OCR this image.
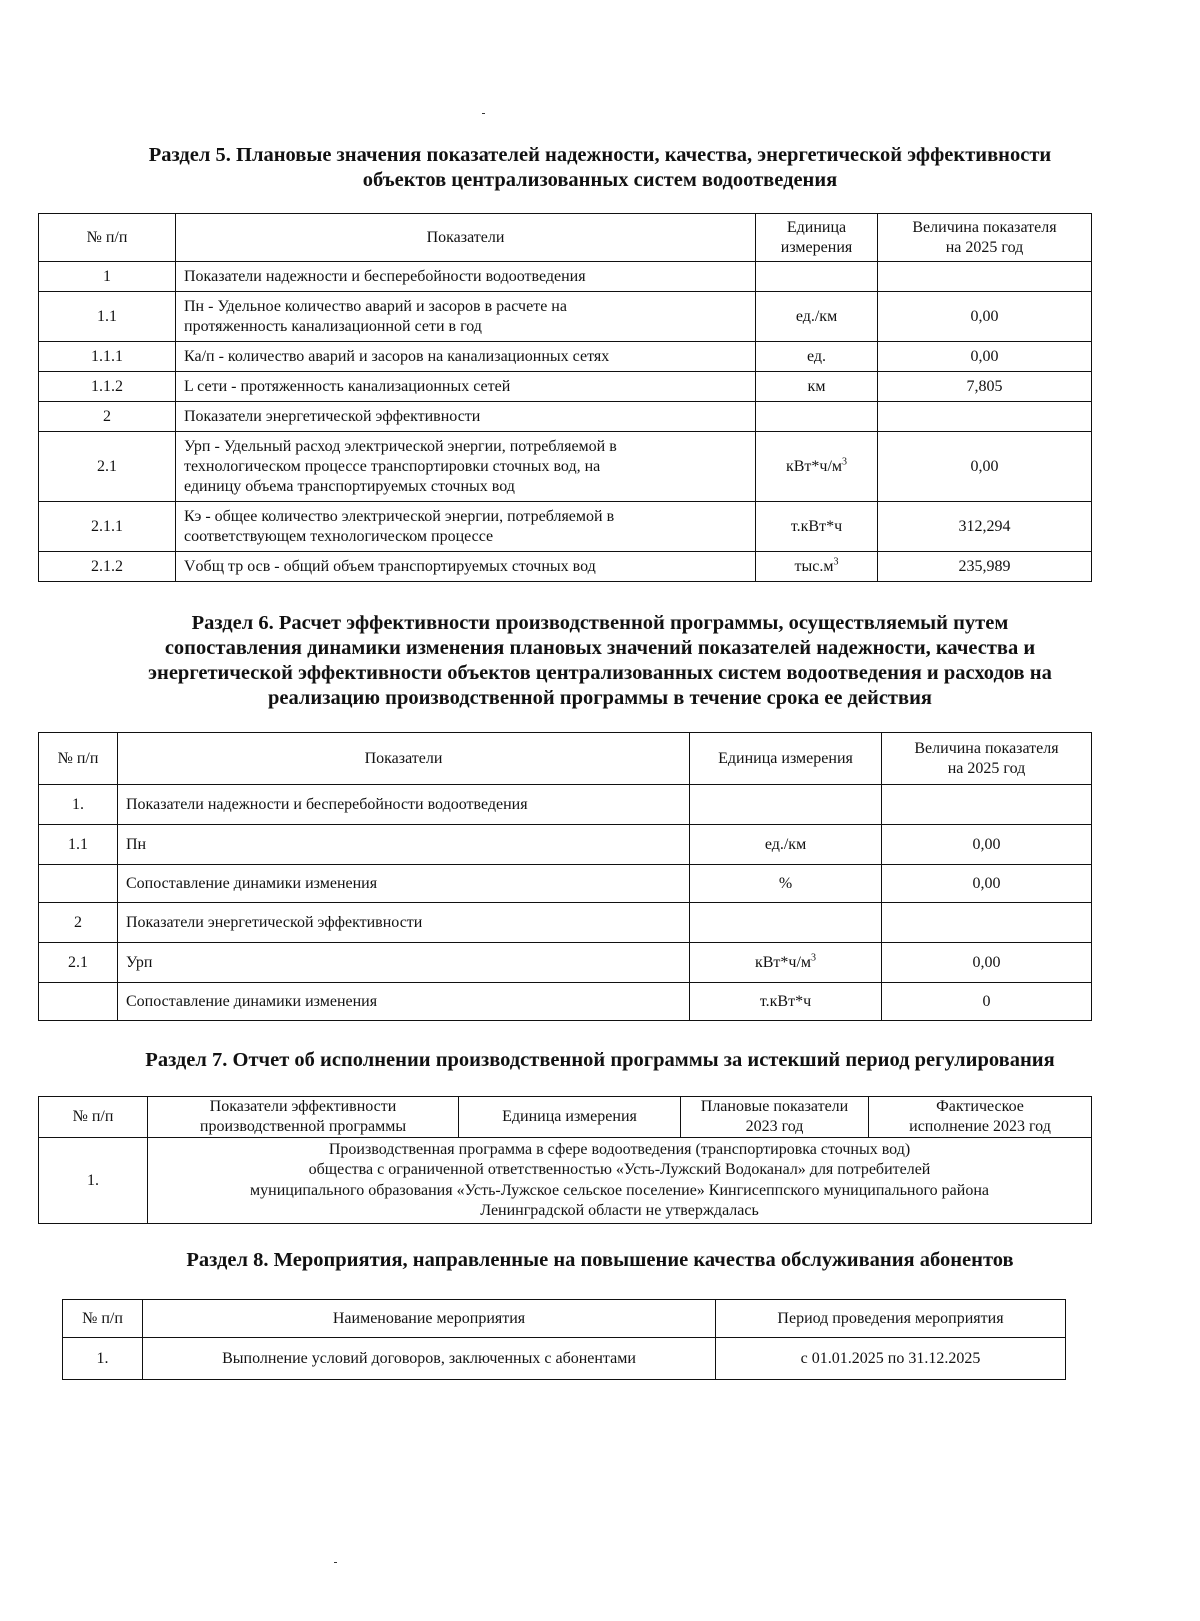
Раздел 5. Плановые значения показателей надежности, качества, энергетической эффективности
объектов централизованных систем водоотведения
№ п/п	Показатели	Единица
измерения	Величина показателя
на 2025 год
1	Показатели надежности и бесперебойности водоотведения		
1.1	Пн - Удельное количество аварий и засоров в расчете на
протяженность канализационной сети в год	ед./км	0,00
1.1.1	Ка/п - количество аварий и засоров на канализационных сетях	ед.	0,00
1.1.2	L сети - протяженность канализационных сетей	км	7,805
2	Показатели энергетической эффективности		
2.1	Урп - Удельный расход электрической энергии, потребляемой в
технологическом процессе транспортировки сточных вод, на
единицу объема транспортируемых сточных вод	$кВт*ч/м^3$	0,00
2.1.1	Кэ - общее количество электрической энергии, потребляемой в
соответствующем технологическом процессе	т.кВт*ч	312,294
2.1.2	Vобщ тр осв - общий объем транспортируемых сточных вод	$тыс.м^3$	235,989
Раздел 6. Расчет эффективности производственной программы, осуществляемый путем
сопоставления динамики изменения плановых значений показателей надежности, качества и
энергетической эффективности объектов централизованных систем водоотведения и расходов на
реализацию производственной программы в течение срока ее действия
№ п/п	Показатели	Единица измерения	Величина показателя
на 2025 год
1.	Показатели надежности и бесперебойности водоотведения		
1.1	Пн	ед./км	0,00
	Сопоставление динамики изменения	%	0,00
2	Показатели энергетической эффективности		
2.1	Урп	$кВт*ч/м^3$	0,00
	Сопоставление динамики изменения	т.кВт*ч	0
Раздел 7. Отчет об исполнении производственной программы за истекший период регулирования
№ п/п	Показатели эффективности
производственной программы	Единица измерения	Плановые показатели
2023 год	Фактическое
исполнение 2023 год
1.	Производственная программа в сфере водоотведения (транспортировка сточных вод)
общества с ограниченной ответственностью «Усть-Лужский Водоканал» для потребителей
муниципального образования «Усть-Лужское сельское поселение» Кингисеппского муниципального района
Ленинградской области не утверждалась			
Раздел 8. Мероприятия, направленные на повышение качества обслуживания абонентов
№ п/п	Наименование мероприятия	Период проведения мероприятия
1.	Выполнение условий договоров, заключенных с абонентами	с 01.01.2025 по 31.12.2025
